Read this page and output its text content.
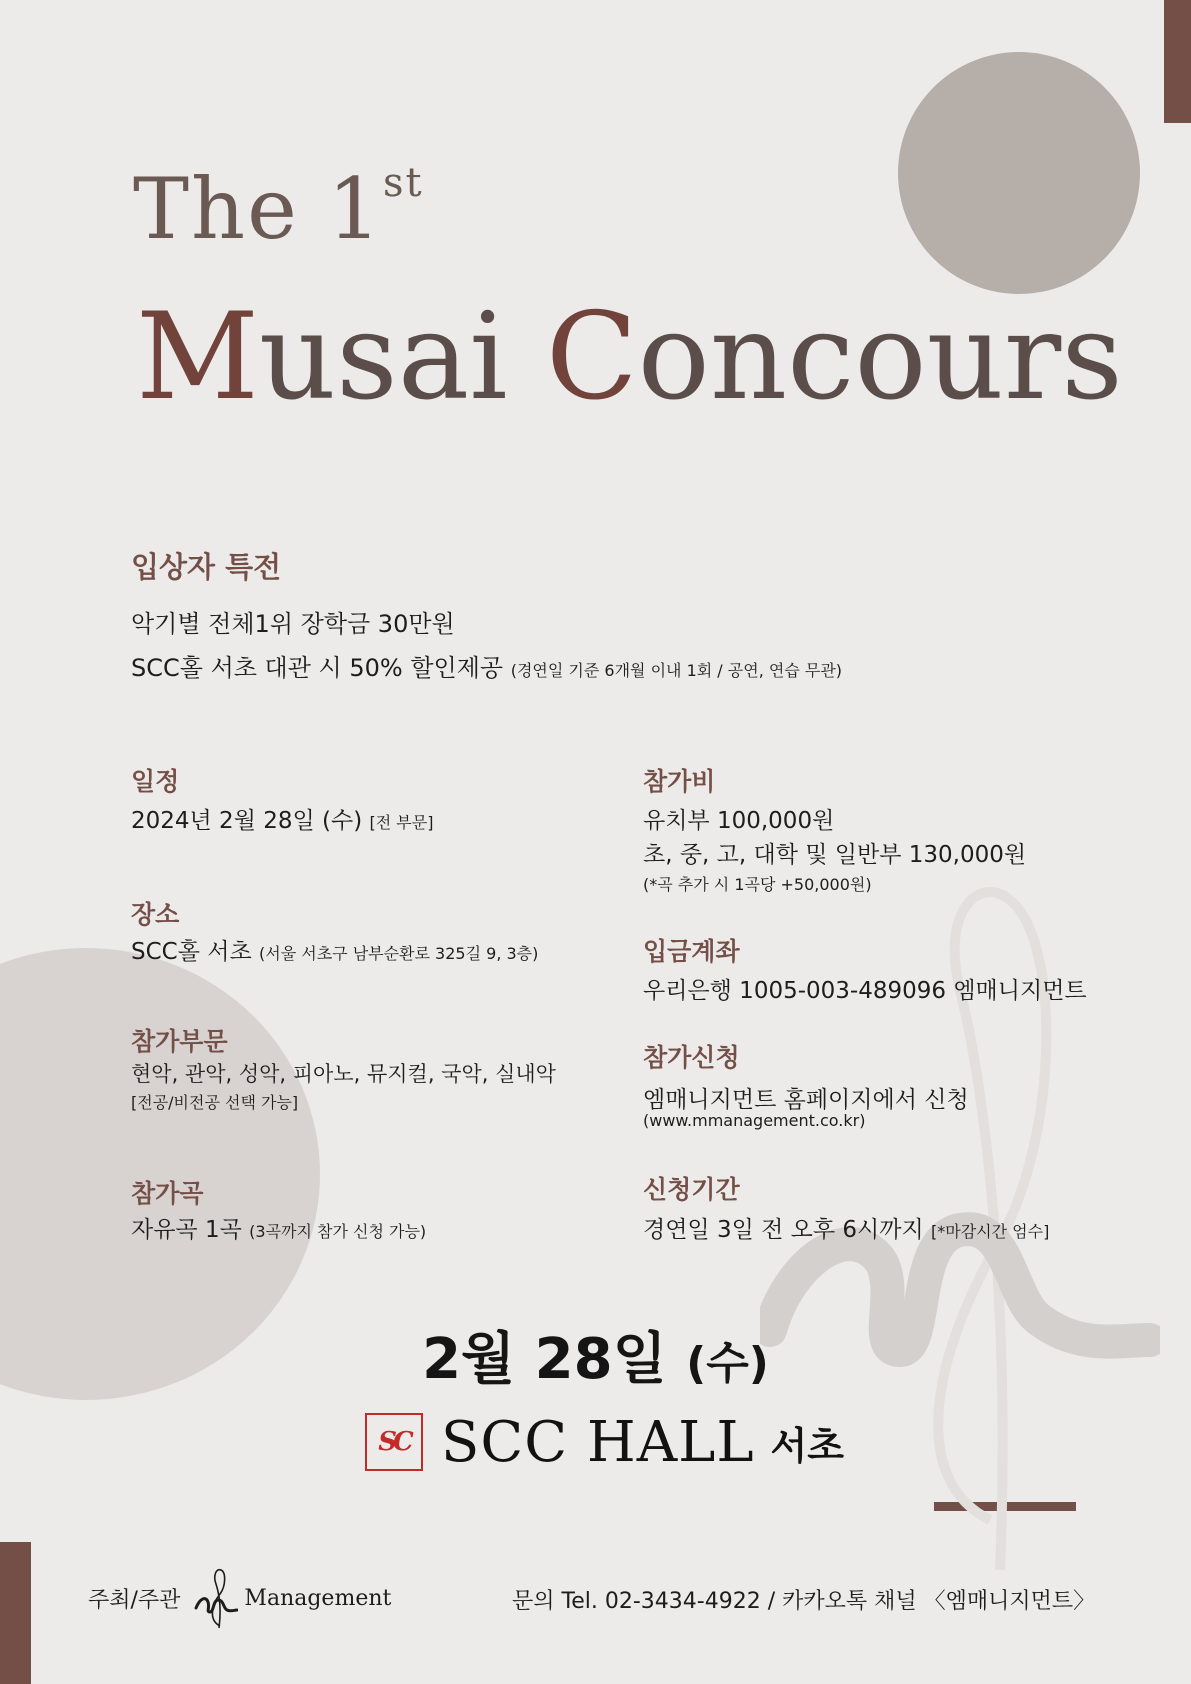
The 1st
Musai Concours
입상자 특전
악기별 전체1위 장학금 30만원
SCC홀 서초 대관 시 50% 할인제공 (경연일 기준 6개월 이내 1회 / 공연, 연습 무관)
일정
2024년 2월 28일 (수) [전 부문]
장소
SCC홀 서초 (서울 서초구 남부순환로 325길 9, 3층)
참가부문
현악, 관악, 성악, 피아노, 뮤지컬, 국악, 실내악
[전공/비전공 선택 가능]
참가곡
자유곡 1곡 (3곡까지 참가 신청 가능)
참가비
유치부 100,000원
초, 중, 고, 대학 및 일반부 130,000원
(*곡 추가 시 1곡당 +50,000원)
입금계좌
우리은행 1005-003-489096 엠매니지먼트
참가신청
엠매니지먼트 홈페이지에서 신청
(www.mmanagement.co.kr)
신청기간
경연일 3일 전 오후 6시까지 [*마감시간 엄수]
2월 28일 (수)
SC SCC HALL 서초
주최/주관	Management	문의 Tel. 02-3434-4922 / 카카오톡 채널 〈엠매니지먼트〉
